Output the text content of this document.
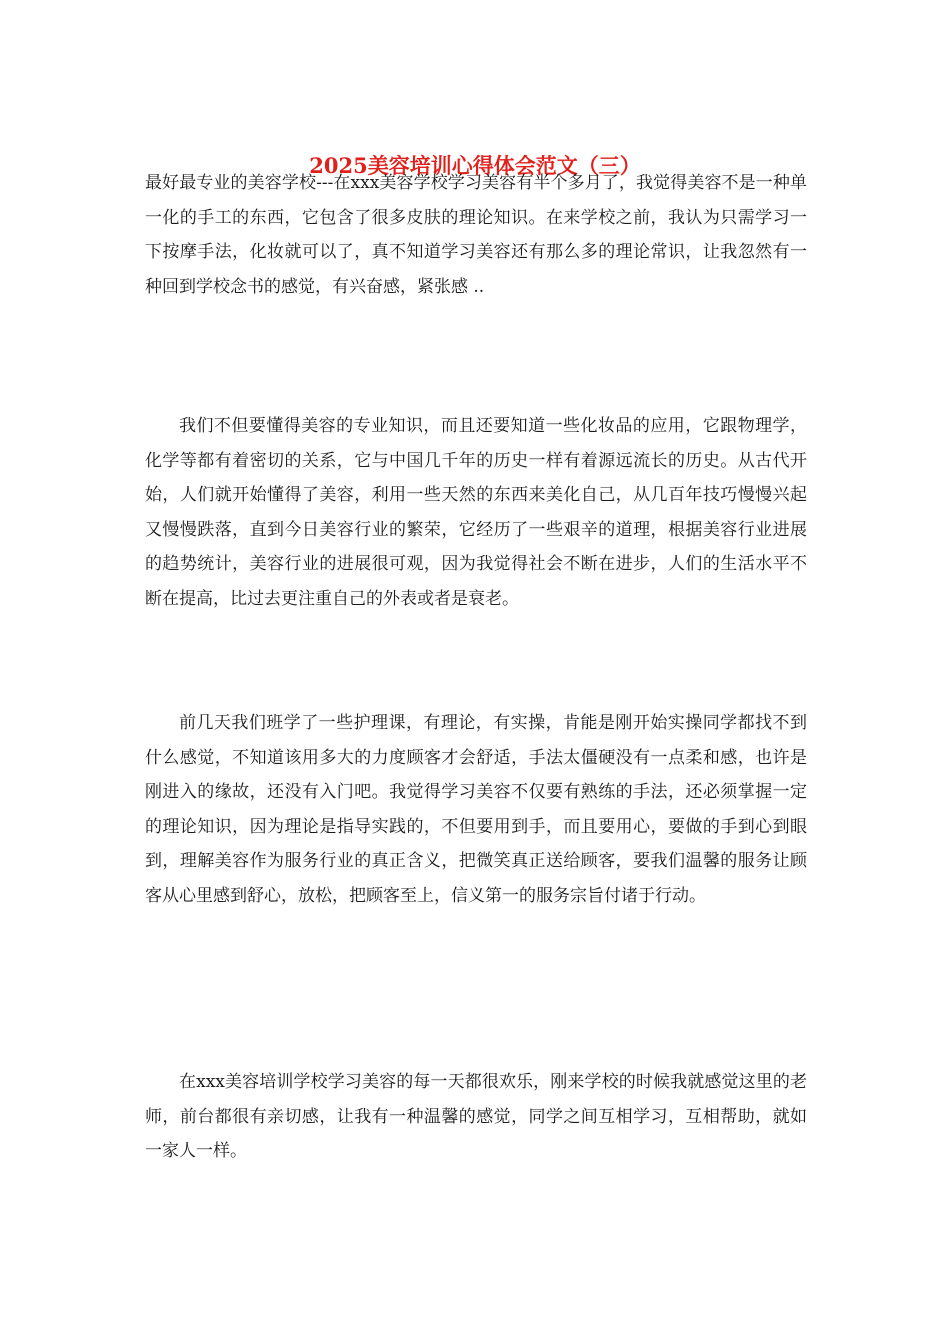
2025美容培训心得体会范文（三）

最好最专业的美容学校---在xxx美容学校学习美容有半个多月了，我觉得美容不是一种单一化的手工的东西，它包含了很多皮肤的理论知识。在来学校之前，我认为只需学习一下按摩手法，化妆就可以了，真不知道学习美容还有那么多的理论常识，让我忽然有一种回到学校念书的感觉，有兴奋感，紧张感 ..

我们不但要懂得美容的专业知识，而且还要知道一些化妆品的应用，它跟物理学，化学等都有着密切的关系，它与中国几千年的历史一样有着源远流长的历史。从古代开始，人们就开始懂得了美容，利用一些天然的东西来美化自己，从几百年技巧慢慢兴起又慢慢跌落，直到今日美容行业的繁荣，它经历了一些艰辛的道理，根据美容行业进展的趋势统计，美容行业的进展很可观，因为我觉得社会不断在进步，人们的生活水平不断在提高，比过去更注重自己的外表或者是衰老。

前几天我们班学了一些护理课，有理论，有实操，肯能是刚开始实操同学都找不到什么感觉，不知道该用多大的力度顾客才会舒适，手法太僵硬没有一点柔和感，也许是刚进入的缘故，还没有入门吧。我觉得学习美容不仅要有熟练的手法，还必须掌握一定的理论知识，因为理论是指导实践的，不但要用到手，而且要用心，要做的手到心到眼到，理解美容作为服务行业的真正含义，把微笑真正送给顾客，要我们温馨的服务让顾客从心里感到舒心，放松，把顾客至上，信义第一的服务宗旨付诸于行动。

在xxx美容培训学校学习美容的每一天都很欢乐，刚来学校的时候我就感觉这里的老师，前台都很有亲切感，让我有一种温馨的感觉，同学之间互相学习，互相帮助，就如一家人一样。
